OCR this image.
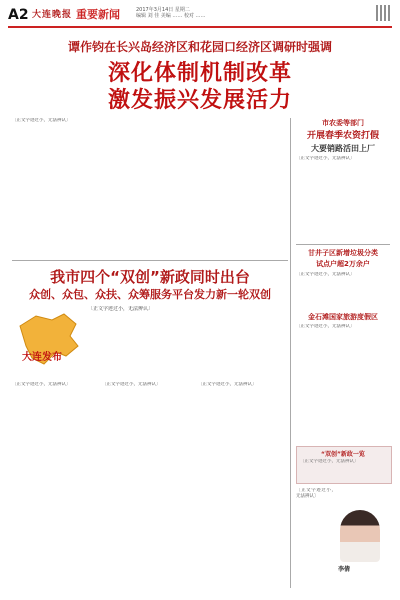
A2 大连晚报 重要新闻	2017年3月14日 星期二
编辑 刘 佳 美编 …… 校对 ……
谭作钧在长兴岛经济区和花园口经济区调研时强调
深化体制机制改革
激发振兴发展活力
〔正文字迹过小，无法辨认〕	市农委等部门
开展春季农资打假
大要销路活田上厂
〔正文字迹过小，无法辨认〕
甘井子区新增垃圾分类
试点户超2万余户
〔正文字迹过小，无法辨认〕
金石滩国家旅游度假区
〔正文字迹过小，无法辨认〕
我市四个“双创”新政同时出台
众创、众包、众扶、众筹服务平台发力新一轮双创
大连发布
〔正文字迹过小，无法辨认〕
〔正文字迹过小，无法辨认〕	〔正文字迹过小，无法辨认〕	〔正文字迹过小，无法辨认〕
“双创”新政一览
〔正文字迹过小，无法辨认〕
〔正文字迹过小，无法辨认〕
李倩
